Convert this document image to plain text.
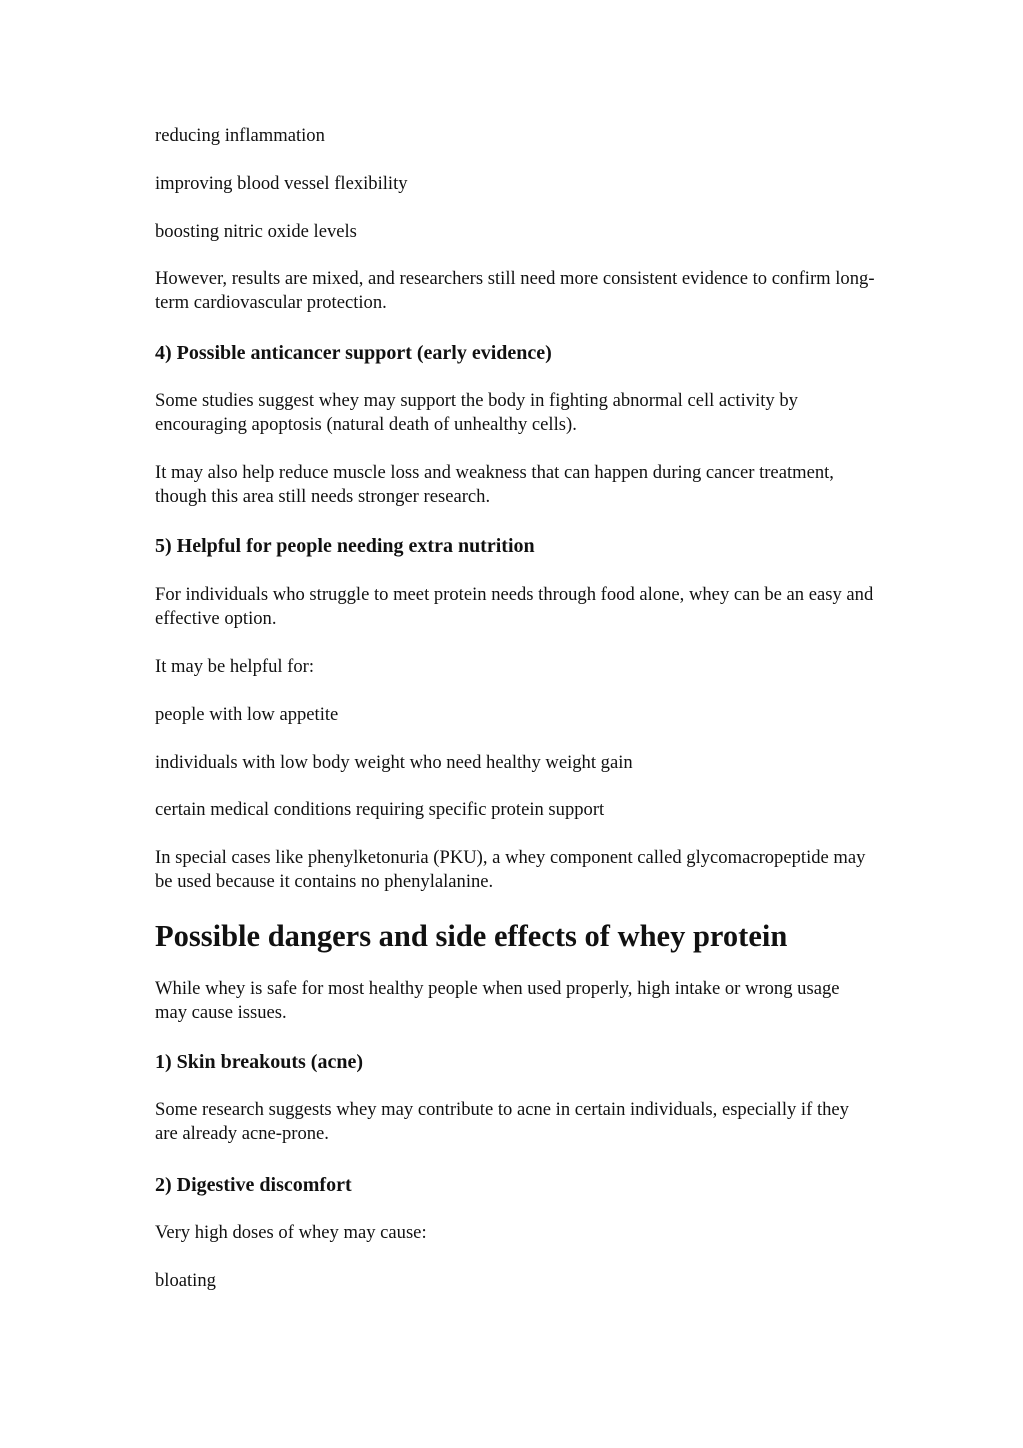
reducing inflammation

improving blood vessel flexibility

boosting nitric oxide levels

However, results are mixed, and researchers still need more consistent evidence to confirm long-term cardiovascular protection.

4) Possible anticancer support (early evidence)

Some studies suggest whey may support the body in fighting abnormal cell activity by encouraging apoptosis (natural death of unhealthy cells).

It may also help reduce muscle loss and weakness that can happen during cancer treatment, though this area still needs stronger research.

5) Helpful for people needing extra nutrition

For individuals who struggle to meet protein needs through food alone, whey can be an easy and effective option.

It may be helpful for:

people with low appetite

individuals with low body weight who need healthy weight gain

certain medical conditions requiring specific protein support

In special cases like phenylketonuria (PKU), a whey component called glycomacropeptide may be used because it contains no phenylalanine.

Possible dangers and side effects of whey protein

While whey is safe for most healthy people when used properly, high intake or wrong usage may cause issues.

1) Skin breakouts (acne)

Some research suggests whey may contribute to acne in certain individuals, especially if they are already acne-prone.

2) Digestive discomfort

Very high doses of whey may cause:

bloating
